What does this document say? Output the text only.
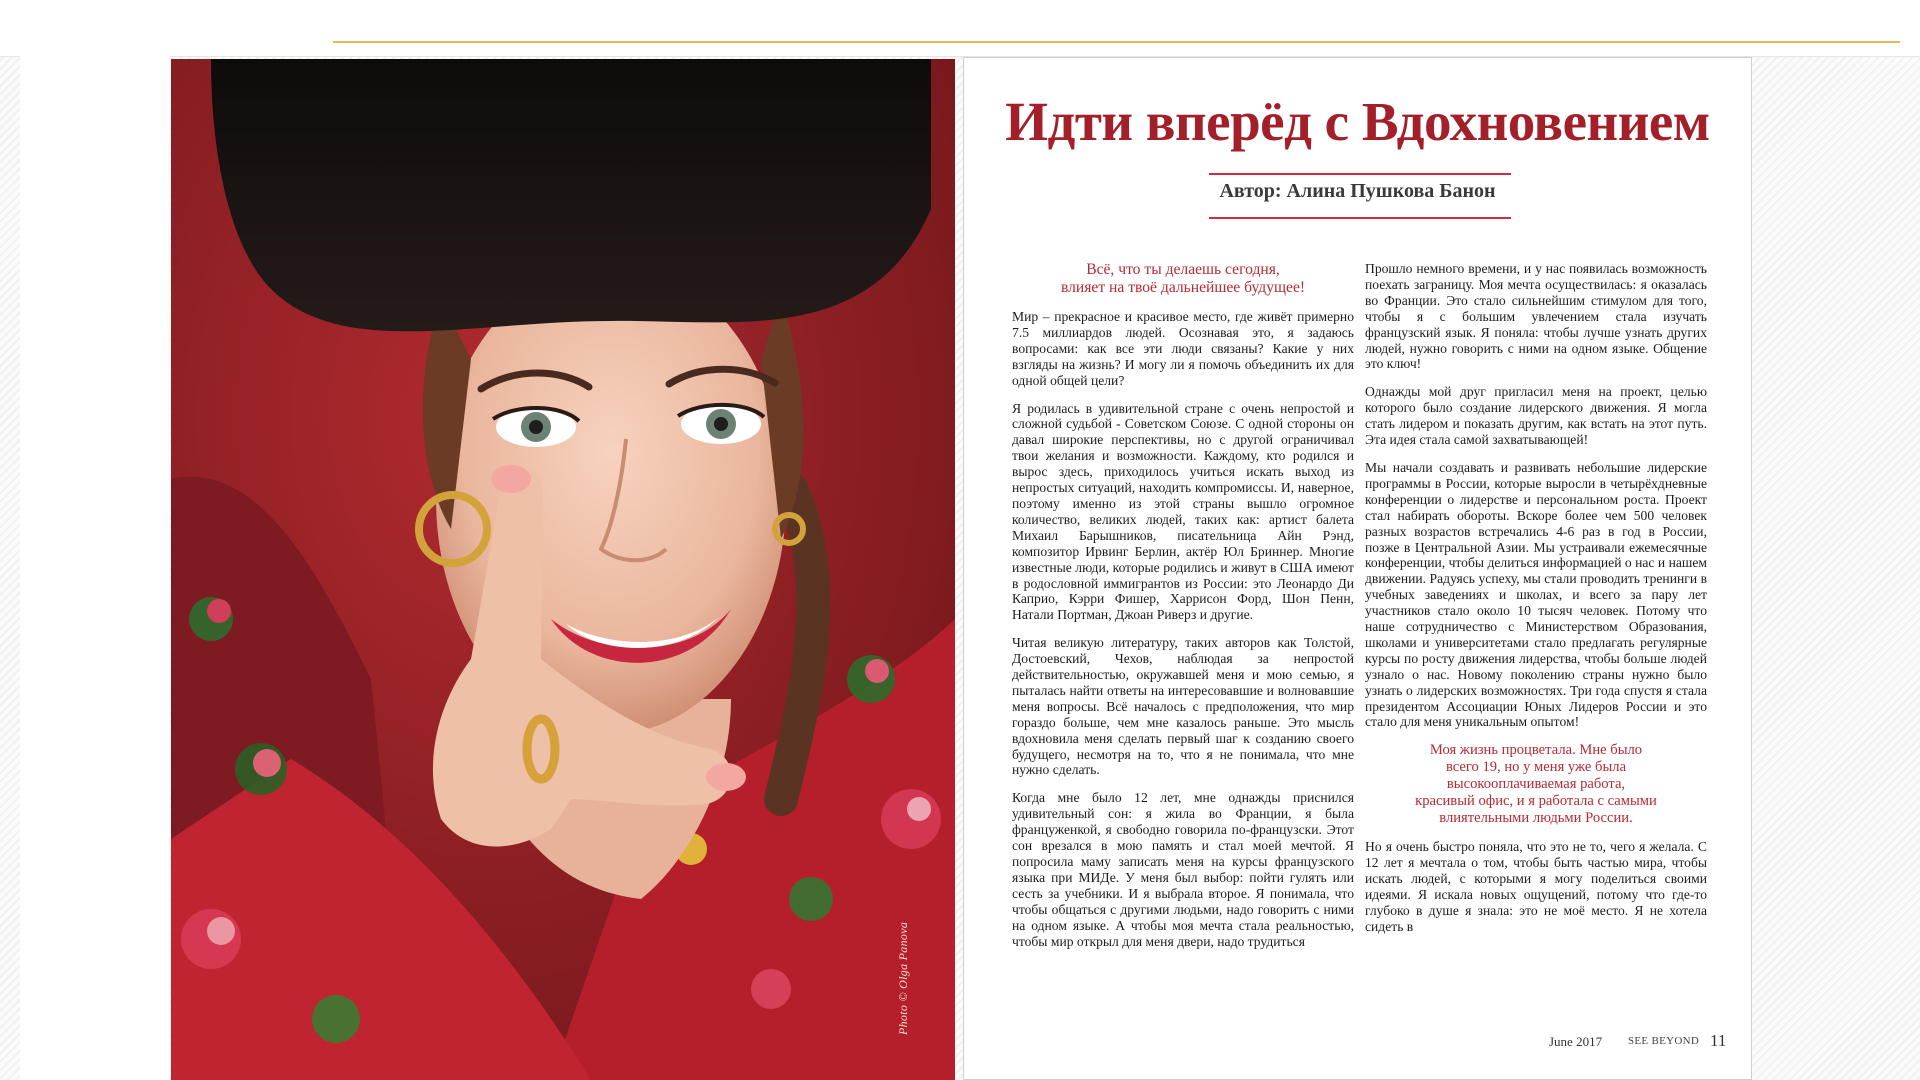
Photo © Olga Panova
Идти вперёд с Вдохновением
Автор: Алина Пушкова Банон

Всё, что ты делаешь сегодня,
влияет на твоё дальнейшее будущее!

Мир – прекрасное и красивое место, где живёт примерно 7.5 миллиардов людей. Осознавая это, я задаюсь вопросами: как все эти люди связаны? Какие у них взгляды на жизнь? И могу ли я помочь объединить их для одной общей цели?

Я родилась в удивительной стране с очень непростой и сложной судьбой - Советском Союзе. С одной стороны он давал широкие перспективы, но с другой ограничивал твои желания и возможности. Каждому, кто родился и вырос здесь, приходилось учиться искать выход из непростых ситуаций, находить компромиссы. И, наверное, поэтому именно из этой страны вышло огромное количество, великих людей, таких как: артист балета Михаил Барышников, писательница Айн Рэнд, композитор Ирвинг Берлин, актёр Юл Бриннер. Многие известные люди, которые родились и живут в США имеют в родословной иммигрантов из России: это Леонардо Ди Каприо, Кэрри Фишер, Харрисон Форд, Шон Пенн, Натали Портман, Джоан Риверз и другие.

Читая великую литературу, таких авторов как Толстой, Достоевский, Чехов, наблюдая за непростой действительностью, окружавшей меня и мою семью, я пыталась найти ответы на интересовавшие и волновавшие меня вопросы. Всё началось с предположения, что мир гораздо больше, чем мне казалось раньше. Это мысль вдохновила меня сделать первый шаг к созданию своего будущего, несмотря на то, что я не понимала, что мне нужно сделать.

Когда мне было 12 лет, мне однажды приснился удивительный сон: я жила во Франции, я была француженкой, я свободно говорила по-французски. Этот сон врезался в мою память и стал моей мечтой. Я попросила маму записать меня на курсы французского языка при МИДе. У меня был выбор: пойти гулять или сесть за учебники. И я выбрала второе. Я понимала, что чтобы общаться с другими людьми, надо говорить с ними на одном языке. А чтобы моя мечта стала реальностью, чтобы мир открыл для меня двери, надо трудиться

Прошло немного времени, и у нас появилась возможность поехать заграницу. Моя мечта осуществилась: я оказалась во Франции. Это стало сильнейшим стимулом для того, чтобы я с большим увлечением стала изучать французский язык. Я поняла: чтобы лучше узнать других людей, нужно говорить с ними на одном языке. Общение это ключ!

Однажды мой друг пригласил меня на проект, целью которого было создание лидерского движения. Я могла стать лидером и показать другим, как встать на этот путь. Эта идея стала самой захватывающей!

Мы начали создавать и развивать небольшие лидерские программы в России, которые выросли в четырёхдневные конференции о лидерстве и персональном роста. Проект стал набирать обороты. Вскоре более чем 500 человек разных возрастов встречались 4-6 раз в год в России, позже в Центральной Азии. Мы устраивали ежемесячные конференции, чтобы делиться информацией о нас и нашем движении. Радуясь успеху, мы стали проводить тренинги в учебных заведениях и школах, и всего за пару лет участников стало около 10 тысяч человек. Потому что наше сотрудничество с Министерством Образования, школами и университетами стало предлагать регулярные курсы по росту движения лидерства, чтобы больше людей узнало о нас. Новому поколению страны нужно было узнать о лидерских возможностях. Три года спустя я стала президентом Ассоциации Юных Лидеров России и это стало для меня уникальным опытом!

Моя жизнь процветала. Мне было
всего 19, но у меня уже была
высокооплачиваемая работа,
красивый офис, и я работала с самыми
влиятельными людьми России.

Но я очень быстро поняла, что это не то, чего я желала. С 12 лет я мечтала о том, чтобы быть частью мира, чтобы искать людей, с которыми я могу поделиться своими идеями. Я искала новых ощущений, потому что где-то глубоко в душе я знала: это не моё место. Я не хотела сидеть в

June 2017 SEE BEYOND 11
